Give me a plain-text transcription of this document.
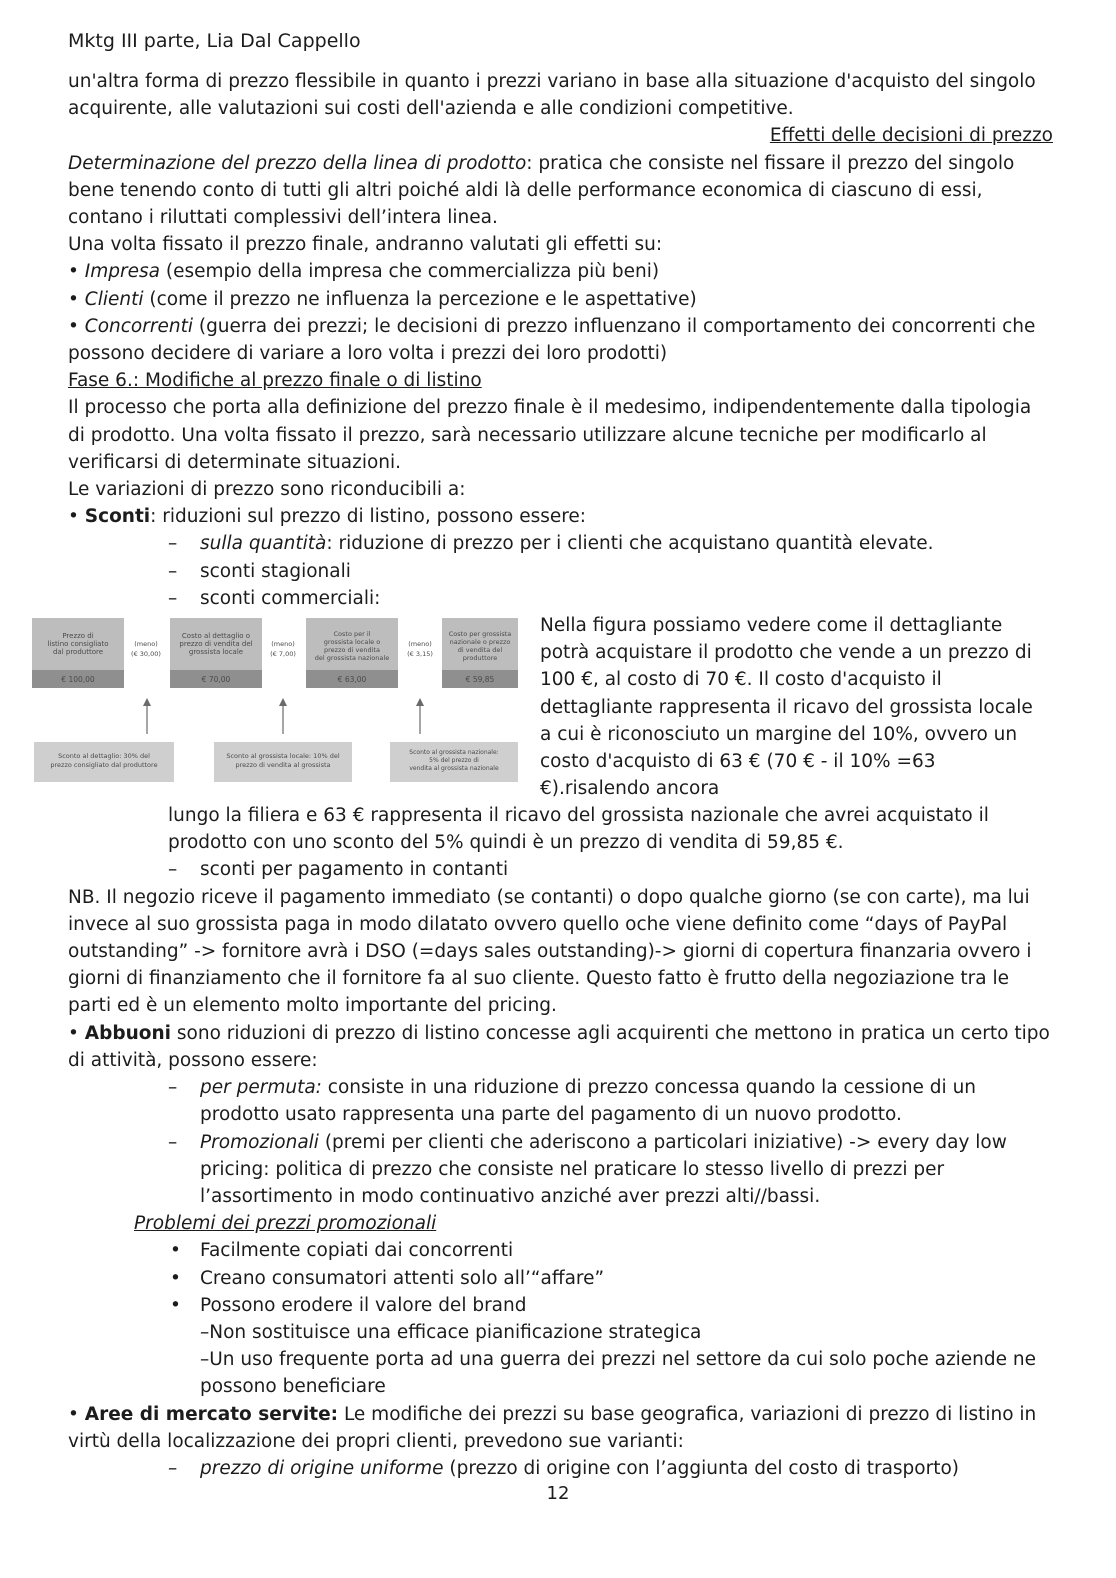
Mktg III parte, Lia Dal Cappello

un'altra forma di prezzo flessibile in quanto i prezzi variano in base alla situazione d'acquisto del singolo acquirente, alle valutazioni sui costi dell'azienda e alle condizioni competitive.

Effetti delle decisioni di prezzo

Determinazione del prezzo della linea di prodotto: pratica che consiste nel fissare il prezzo del singolo bene tenendo conto di tutti gli altri poiché aldi là delle performance economica di ciascuno di essi, contano i riluttati complessivi dell’intera linea.

Una volta fissato il prezzo finale, andranno valutati gli effetti su:

• Impresa (esempio della impresa che commercializza più beni)

• Clienti (come il prezzo ne influenza la percezione e le aspettative)

• Concorrenti (guerra dei prezzi; le decisioni di prezzo influenzano il comportamento dei concorrenti che possono decidere di variare a loro volta i prezzi dei loro prodotti)

Fase 6.: Modifiche al prezzo finale o di listino

Il processo che porta alla definizione del prezzo finale è il medesimo, indipendentemente dalla tipologia di prodotto. Una volta fissato il prezzo, sarà necessario utilizzare alcune tecniche per modificarlo al verificarsi di determinate situazioni.

Le variazioni di prezzo sono riconducibili a:

• Sconti: riduzioni sul prezzo di listino, possono essere:

– sulla quantità: riduzione di prezzo per i clienti che acquistano quantità elevate.

– sconti stagionali

– sconti commerciali:

Prezzo di listino consigliato dal produttore
€ 100,00
(meno)
(€ 30,00)
Costo al dettaglio o prezzo di vendita del grossista locale
€ 70,00
(meno)
(€ 7,00)
Costo per il grossista locale o prezzo di vendita del grossista nazionale
€ 63,00
(meno)
(€ 3,15)
Costo per grossista nazionale o prezzo di vendita del produttore
€ 59,85
Sconto al dettaglio: 30% del prezzo consigliato dal produttore
Sconto al grossista locale: 10% del prezzo di vendita al grossista
Sconto al grossista nazionale: 5% del prezzo di vendita al grossista nazionale

Nella figura possiamo vedere come il dettagliante potrà acquistare il prodotto che vende a un prezzo di 100 €, al costo di 70 €. Il costo d'acquisto il dettagliante rappresenta il ricavo del grossista locale a cui è riconosciuto un margine del 10%, ovvero un costo d'acquisto di 63 € (70 € - il 10% =63 €).risalendo ancora

lungo la filiera e 63 € rappresenta il ricavo del grossista nazionale che avrei acquistato il prodotto con uno sconto del 5% quindi è un prezzo di vendita di 59,85 €.

– sconti per pagamento in contanti

NB. Il negozio riceve il pagamento immediato (se contanti) o dopo qualche giorno (se con carte), ma lui invece al suo grossista paga in modo dilatato ovvero quello oche viene definito come “days of PayPal outstanding” -> fornitore avrà i DSO (=days sales outstanding)-> giorni di copertura finanzaria ovvero i giorni di finanziamento che il fornitore fa al suo cliente. Questo fatto è frutto della negoziazione tra le parti ed è un elemento molto importante del pricing.

• Abbuoni sono riduzioni di prezzo di listino concesse agli acquirenti che mettono in pratica un certo tipo di attività, possono essere:

– per permuta: consiste in una riduzione di prezzo concessa quando la cessione di un prodotto usato rappresenta una parte del pagamento di un nuovo prodotto.

– Promozionali (premi per clienti che aderiscono a particolari iniziative) -> every day low pricing: politica di prezzo che consiste nel praticare lo stesso livello di prezzi per l’assortimento in modo continuativo anziché aver prezzi alti//bassi.

Problemi dei prezzi promozionali

• Facilmente copiati dai concorrenti

• Creano consumatori attenti solo all’“affare”

• Possono erodere il valore del brand

–Non sostituisce una efficace pianificazione strategica

–Un uso frequente porta ad una guerra dei prezzi nel settore da cui solo poche aziende ne possono beneficiare

• Aree di mercato servite: Le modifiche dei prezzi su base geografica, variazioni di prezzo di listino in virtù della localizzazione dei propri clienti, prevedono sue varianti:

– prezzo di origine uniforme (prezzo di origine con l’aggiunta del costo di trasporto)

12
